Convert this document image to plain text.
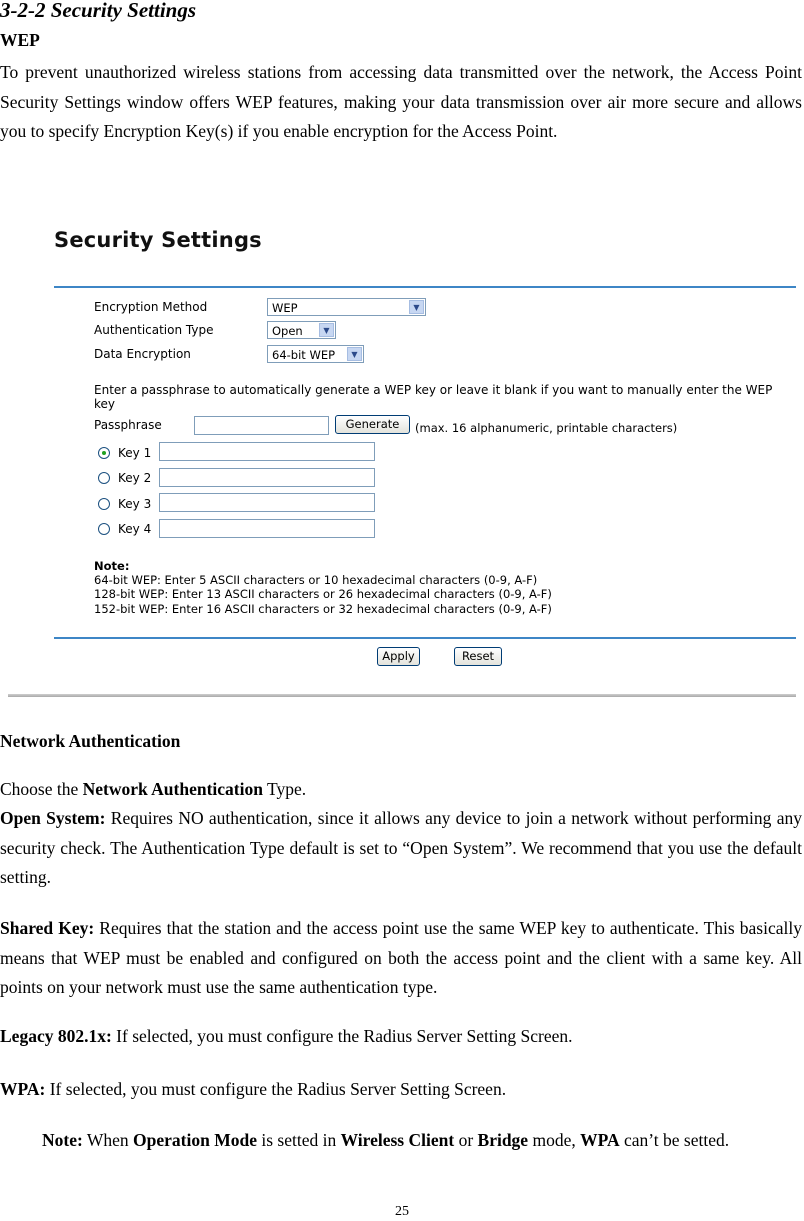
3-2-2 Security Settings
WEP
To prevent unauthorized wireless stations from accessing data transmitted over the network, the Access Point Security Settings window offers WEP features, making your data transmission over air more secure and allows you to specify Encryption Key(s) if you enable encryption for the Access Point.
Security Settings
Encryption Method	WEP	▼
Authentication Type	Open	▼
Data Encryption	64-bit WEP	▼
Enter a passphrase to automatically generate a WEP key or leave it blank if you want to manually enter the WEP key
Passphrase	Generate	(max. 16 alphanumeric, printable characters)
Key 1
Key 2
Key 3
Key 4
Note:
64-bit WEP: Enter 5 ASCII characters or 10 hexadecimal characters (0-9, A-F)
128-bit WEP: Enter 13 ASCII characters or 26 hexadecimal characters (0-9, A-F)
152-bit WEP: Enter 16 ASCII characters or 32 hexadecimal characters (0-9, A-F)
Apply	Reset
Network Authentication
Choose the Network Authentication Type.
Open System: Requires NO authentication, since it allows any device to join a network without performing any security check. The Authentication Type default is set to “Open System”. We recommend that you use the default setting.
Shared Key: Requires that the station and the access point use the same WEP key to authenticate. This basically means that WEP must be enabled and configured on both the access point and the client with a same key. All points on your network must use the same authentication type.
Legacy 802.1x: If selected, you must configure the Radius Server Setting Screen.
WPA: If selected, you must configure the Radius Server Setting Screen.
Note: When Operation Mode is setted in Wireless Client or Bridge mode, WPA can’t be setted.
25
